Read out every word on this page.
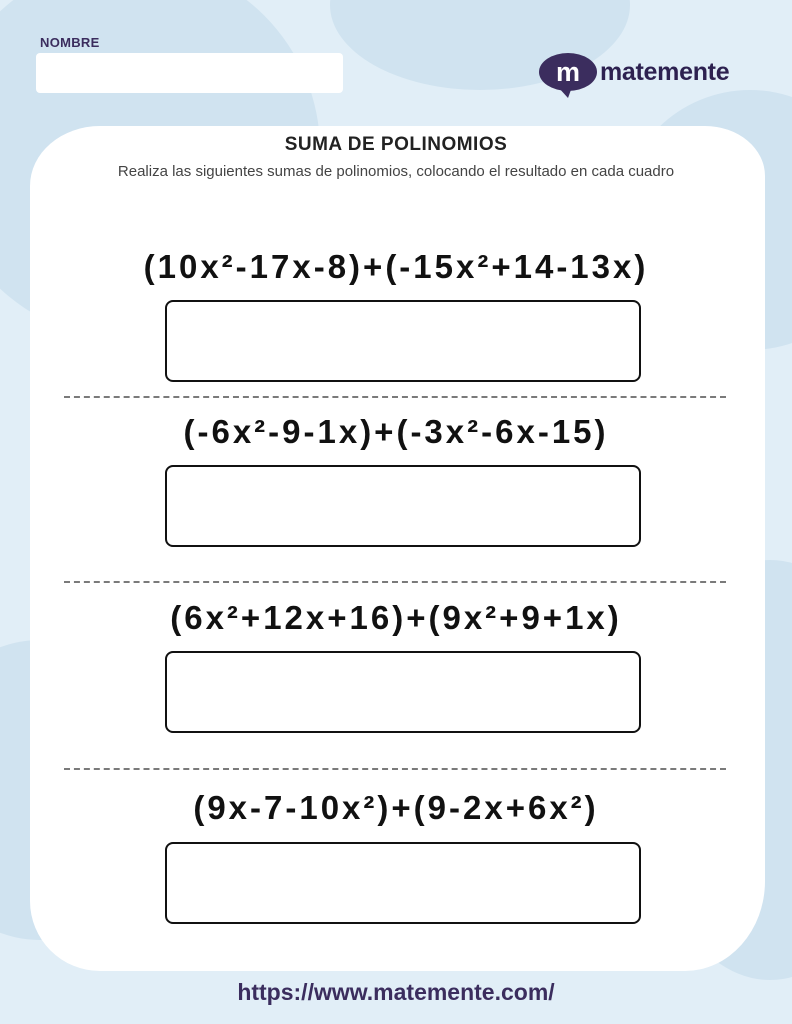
NOMBRE
m matemente
SUMA DE POLINOMIOS
Realiza las siguientes sumas de polinomios, colocando el resultado en cada cuadro
(10x²-17x-8)+(-15x²+14-13x)
(-6x²-9-1x)+(-3x²-6x-15)
(6x²+12x+16)+(9x²+9+1x)
(9x-7-10x²)+(9-2x+6x²)
https://www.matemente.com/
